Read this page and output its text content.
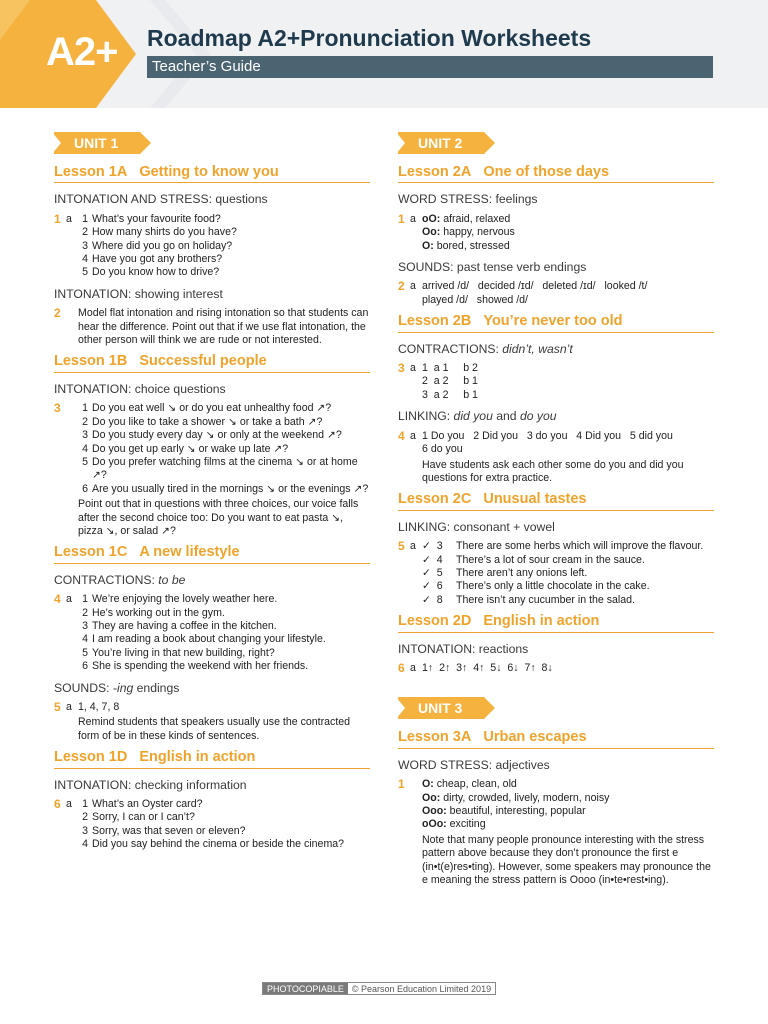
A2+ Roadmap A2+Pronunciation Worksheets
Teacher’s Guide
UNIT 1
Lesson 1A Getting to know you
INTONATION AND STRESS: questions
1 a 1 What’s your favourite food?
2 How many shirts do you have?
3 Where did you go on holiday?
4 Have you got any brothers?
5 Do you know how to drive?
INTONATION: showing interest
2	Model flat intonation and rising intonation so that students can hear the difference. Point out that if we use flat intonation, the other person will think we are rude or not interested.
Lesson 1B Successful people
INTONATION: choice questions
3	1 Do you eat well ↘ or do you eat unhealthy food ↗?
2 Do you like to take a shower ↘ or take a bath ↗?
3 Do you study every day ↘ or only at the weekend ↗?
4 Do you get up early ↘ or wake up late ↗?
5 Do you prefer watching films at the cinema ↘ or at home ↗?
6 Are you usually tired in the mornings ↘ or the evenings ↗?
Point out that in questions with three choices, our voice falls after the second choice too: Do you want to eat pasta ↘, pizza ↘, or salad ↗?
Lesson 1C A new lifestyle
CONTRACTIONS: to be
4 a 1 We’re enjoying the lovely weather here.
2 He’s working out in the gym.
3 They are having a coffee in the kitchen.
4 I am reading a book about changing your lifestyle.
5 You’re living in that new building, right?
6 She is spending the weekend with her friends.
SOUNDS: -ing endings
5 a 1, 4, 7, 8
Remind students that speakers usually use the contracted form of be in these kinds of sentences.
Lesson 1D English in action
INTONATION: checking information
6 a 1 What’s an Oyster card?
2 Sorry, I can or I can’t?
3 Sorry, was that seven or eleven?
4 Did you say behind the cinema or beside the cinema?
UNIT 2
Lesson 2A One of those days
WORD STRESS: feelings
1 a oO: afraid, relaxed
Oo: happy, nervous
O: bored, stressed
SOUNDS: past tense verb endings
2 a arrived /d/   decided /ɪd/   deleted /ɪd/   looked /t/
played /d/   showed /d/
Lesson 2B You’re never too old
CONTRACTIONS: didn’t, wasn’t
3 a 1  a 1     b 2
2  a 2     b 1
3  a 2     b 1
LINKING: did you and do you
4 a 1 Do you   2 Did you   3 do you   4 Did you   5 did you
6 do you
Have students ask each other some do you and did you questions for extra practice.
Lesson 2C Unusual tastes
LINKING: consonant + vowel
5 a ✓  3	There are some herbs which will improve the flavour.
✓  4	There’s a lot of sour cream in the sauce.
✓  5	There aren’t any onions left.
✓  6	There’s only a little chocolate in the cake.
✓  8	There isn’t any cucumber in the salad.
Lesson 2D English in action
INTONATION: reactions
6 a 1↑  2↑  3↑  4↑  5↓  6↓  7↑  8↓
UNIT 3
Lesson 3A Urban escapes
WORD STRESS: adjectives
1	O: cheap, clean, old
Oo: dirty, crowded, lively, modern, noisy
Ooo: beautiful, interesting, popular
oOo: exciting
Note that many people pronounce interesting with the stress pattern above because they don’t pronounce the first e (in•t(e)res•ting). However, some speakers may pronounce the e meaning the stress pattern is Oooo (in•te•rest•ing).
PHOTOCOPIABLE © Pearson Education Limited 2019
